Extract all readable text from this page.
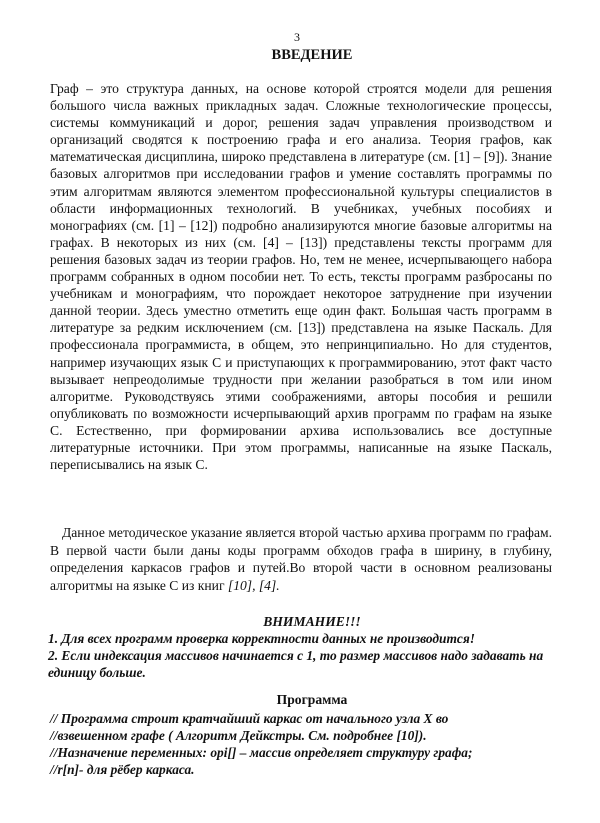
3
ВВЕДЕНИЕ

Граф – это структура данных, на основе которой строятся модели для решения большого числа важных прикладных задач. Сложные технологические процессы, системы коммуникаций и дорог, решения задач управления производством и организаций сводятся к построению графа и его анализа. Теория графов, как математическая дисциплина, широко представлена в литературе (см. [1] – [9]). Знание базовых алгоритмов при исследовании графов и умение составлять программы по этим алгоритмам являются элементом профессиональной культуры специалистов в области информационных технологий. В учебниках, учебных пособиях и монографиях (см. [1] – [12]) подробно анализируются многие базовые алгоритмы на графах. В некоторых из них (см. [4] – [13]) представлены тексты программ для решения базовых задач из теории графов. Но, тем не менее, исчерпывающего набора программ собранных в одном пособии нет. То есть, тексты программ разбросаны по учебникам и монографиям, что порождает некоторое затруднение при изучении данной теории. Здесь уместно отметить еще один факт. Большая часть программ в литературе за редким исключением (см. [13]) представлена на языке Паскаль. Для профессионала программиста, в общем, это непринципиально. Но для студентов, например изучающих язык С и приступающих к программированию, этот факт часто вызывает непреодолимые трудности при желании разобраться в том или ином алгоритме. Руководствуясь этими соображениями, авторы пособия и решили опубликовать по возможности исчерпывающий архив программ по графам на языке С. Естественно, при формировании архива использовались все доступные литературные источники. При этом программы, написанные на языке Паскаль, переписывались на язык С.

Данное методическое указание является второй частью архива программ по графам. В первой части были даны коды программ обходов графа в ширину, в глубину, определения каркасов графов и путей.Во второй части в основном реализованы алгоритмы на языке С из книг [10], [4].

ВНИМАНИЕ!!!

1. Для всех программ проверка корректности данных не производится!

2. Если индексация массивов начинается с 1, то размер массивов надо задавать на единицу больше.

Программа

// Программа строит кратчайший каркас от начального узла X во

//взвешенном графе ( Алгоритм Дейкстры. См. подробнее [10]).

//Назначение переменных: opi[] – массив определяет структуру графа;

//r[n]- для рёбер каркаса.
